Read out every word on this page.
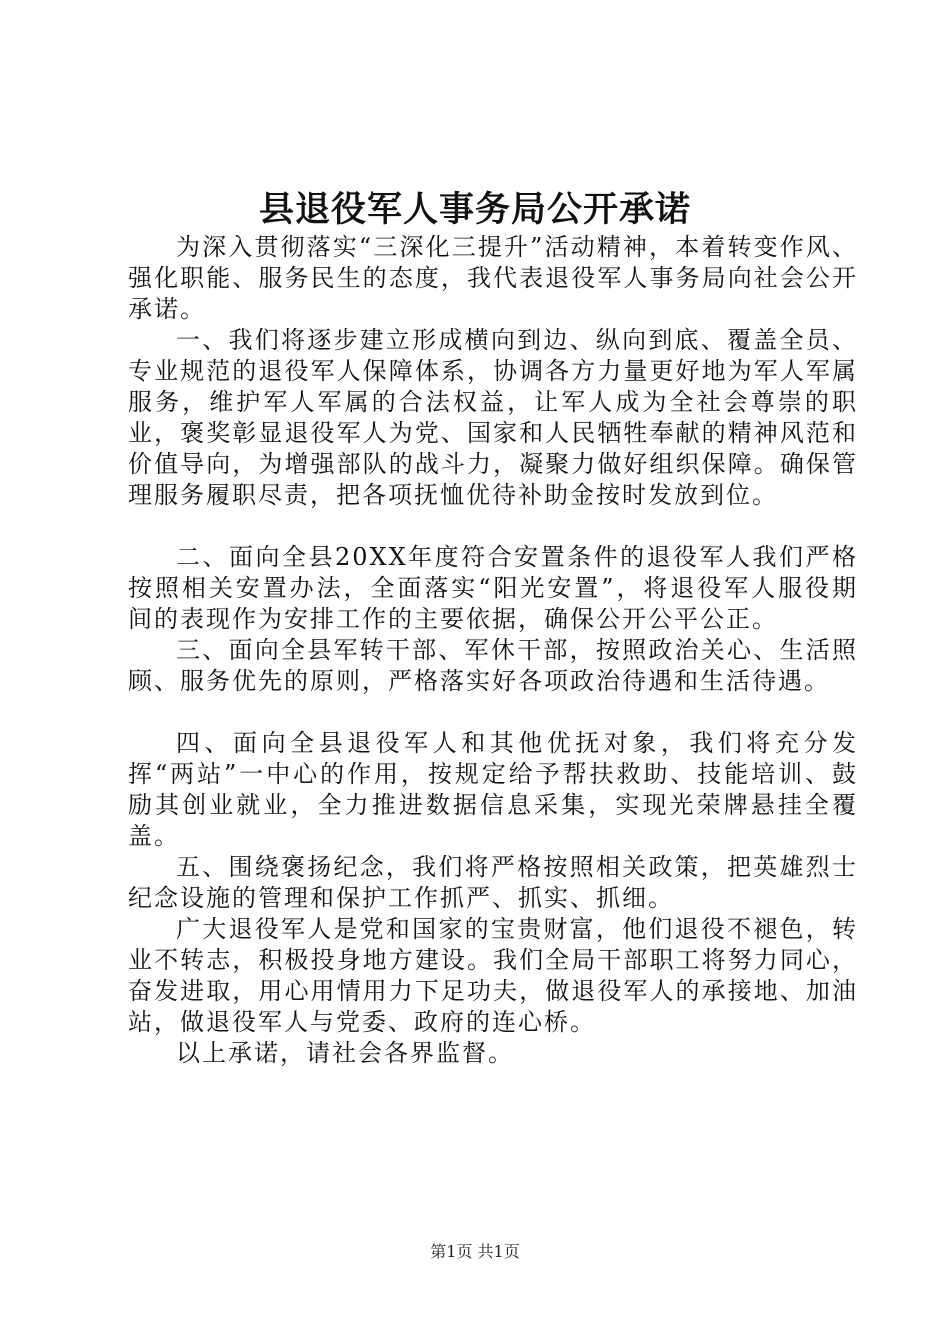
县退役军人事务局公开承诺

为深入贯彻落实“三深化三提升”活动精神，本着转变作风、强化职能、服务民生的态度，我代表退役军人事务局向社会公开承诺。

一、我们将逐步建立形成横向到边、纵向到底、覆盖全员、专业规范的退役军人保障体系，协调各方力量更好地为军人军属服务，维护军人军属的合法权益，让军人成为全社会尊崇的职业，褒奖彰显退役军人为党、国家和人民牺牲奉献的精神风范和价值导向，为增强部队的战斗力，凝聚力做好组织保障。确保管理服务履职尽责，把各项抚恤优待补助金按时发放到位。

二、面向全县20XX年度符合安置条件的退役军人我们严格按照相关安置办法，全面落实“阳光安置”，将退役军人服役期间的表现作为安排工作的主要依据，确保公开公平公正。

三、面向全县军转干部、军休干部，按照政治关心、生活照顾、服务优先的原则，严格落实好各项政治待遇和生活待遇。

四、面向全县退役军人和其他优抚对象，我们将充分发挥“两站”一中心的作用，按规定给予帮扶救助、技能培训、鼓励其创业就业，全力推进数据信息采集，实现光荣牌悬挂全覆盖。

五、围绕褒扬纪念，我们将严格按照相关政策，把英雄烈士纪念设施的管理和保护工作抓严、抓实、抓细。

广大退役军人是党和国家的宝贵财富，他们退役不褪色，转业不转志，积极投身地方建设。我们全局干部职工将努力同心，奋发进取，用心用情用力下足功夫，做退役军人的承接地、加油站，做退役军人与党委、政府的连心桥。

以上承诺，请社会各界监督。

第1页 共1页
